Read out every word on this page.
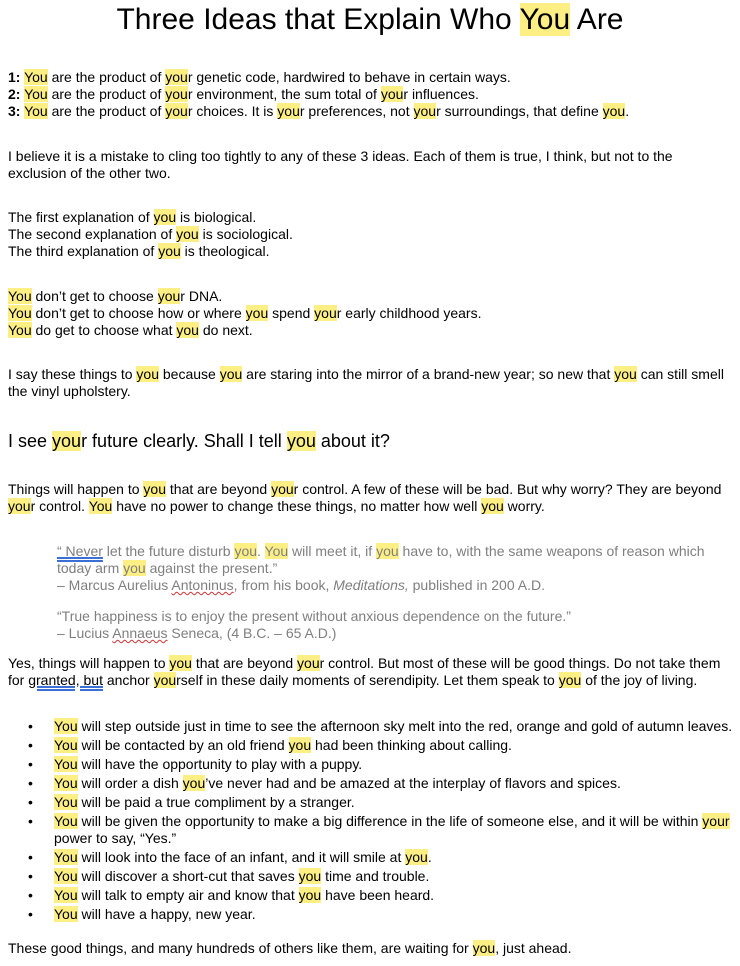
Three Ideas that Explain Who You Are
1: You are the product of your genetic code, hardwired to behave in certain ways.
2: You are the product of your environment, the sum total of your influences.
3: You are the product of your choices. It is your preferences, not your surroundings, that define you.
I believe it is a mistake to cling too tightly to any of these 3 ideas. Each of them is true, I think, but not to the exclusion of the other two.
The first explanation of you is biological.
The second explanation of you is sociological.
The third explanation of you is theological.
You don’t get to choose your DNA.
You don’t get to choose how or where you spend your early childhood years.
You do get to choose what you do next.
I say these things to you because you are staring into the mirror of a brand-new year; so new that you can still smell the vinyl upholstery.
I see your future clearly. Shall I tell you about it?
Things will happen to you that are beyond your control. A few of these will be bad. But why worry? They are beyond your control. You have no power to change these things, no matter how well you worry.
“ Never let the future disturb you. You will meet it, if you have to, with the same weapons of reason which today arm you against the present.”
– Marcus Aurelius Antoninus, from his book, Meditations, published in 200 A.D.
“True happiness is to enjoy the present without anxious dependence on the future.”
– Lucius Annaeus Seneca, (4 B.C. – 65 A.D.)
Yes, things will happen to you that are beyond your control. But most of these will be good things. Do not take them for granted, but anchor yourself in these daily moments of serendipity. Let them speak to you of the joy of living.
• You will step outside just in time to see the afternoon sky melt into the red, orange and gold of autumn leaves.
• You will be contacted by an old friend you had been thinking about calling.
• You will have the opportunity to play with a puppy.
• You will order a dish you’ve never had and be amazed at the interplay of flavors and spices.
• You will be paid a true compliment by a stranger.
• You will be given the opportunity to make a big difference in the life of someone else, and it will be within your power to say, “Yes.”
• You will look into the face of an infant, and it will smile at you.
• You will discover a short-cut that saves you time and trouble.
• You will talk to empty air and know that you have been heard.
• You will have a happy, new year.
These good things, and many hundreds of others like them, are waiting for you, just ahead.
